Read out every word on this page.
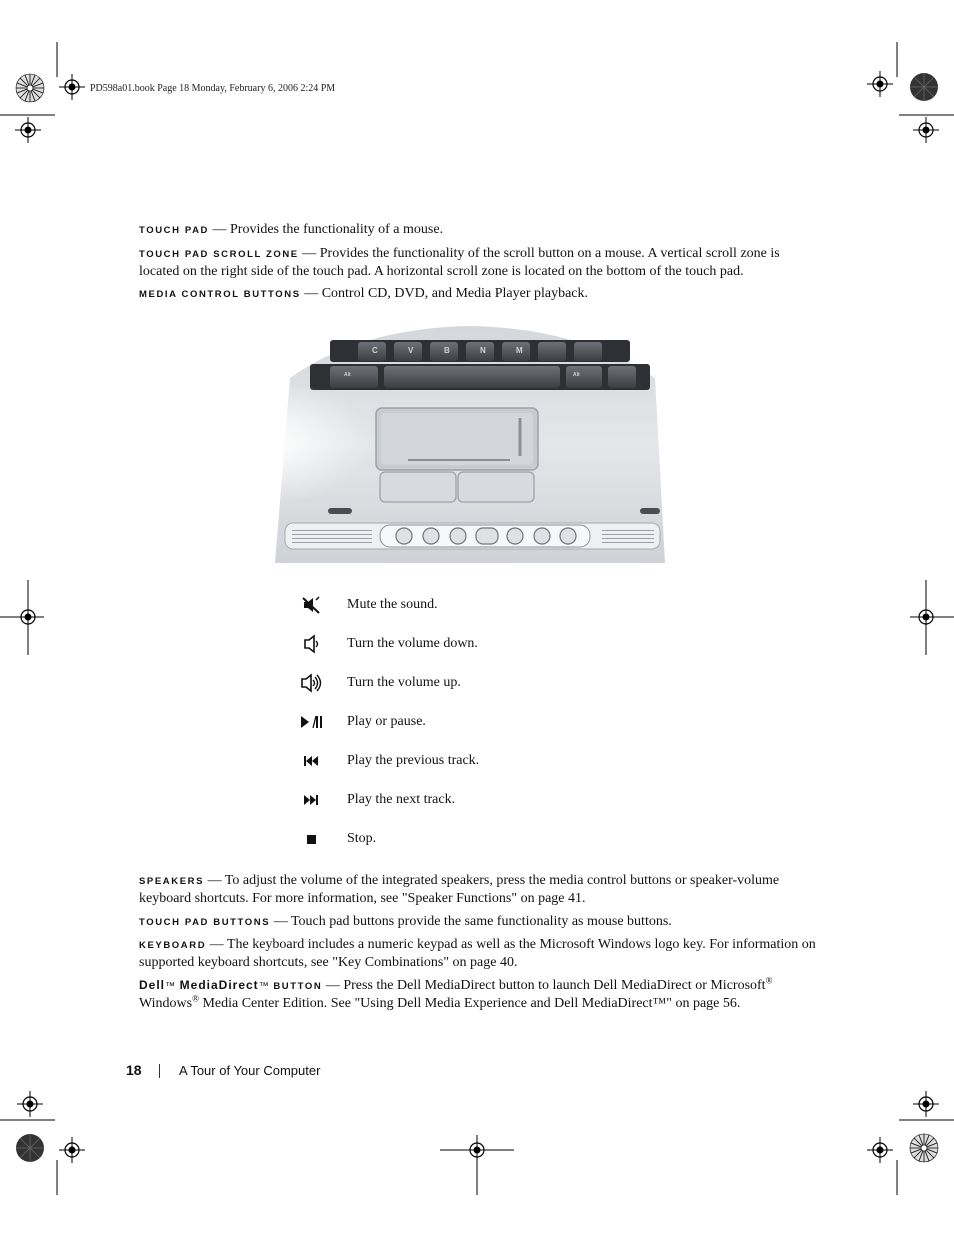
PD598a01.book Page 18 Monday, February 6, 2006 2:24 PM
TOUCH PAD — Provides the functionality of a mouse.
TOUCH PAD SCROLL ZONE — Provides the functionality of the scroll button on a mouse. A vertical scroll zone is located on the right side of the touch pad. A horizontal scroll zone is located on the bottom of the touch pad.
MEDIA CONTROL BUTTONS — Control CD, DVD, and Media Player playback.
Mute the sound.
Turn the volume down.
Turn the volume up.
Play or pause.
Play the previous track.
Play the next track.
Stop.
SPEAKERS — To adjust the volume of the integrated speakers, press the media control buttons or speaker-volume keyboard shortcuts. For more information, see "Speaker Functions" on page 41.
TOUCH PAD BUTTONS — Touch pad buttons provide the same functionality as mouse buttons.
KEYBOARD — The keyboard includes a numeric keypad as well as the Microsoft Windows logo key. For information on supported keyboard shortcuts, see "Key Combinations" on page 40.
Dell™ MediaDirect™ BUTTON — Press the Dell MediaDirect button to launch Dell MediaDirect or Microsoft® Windows® Media Center Edition. See "Using Dell Media Experience and Dell MediaDirect™" on page 56.
18	A Tour of Your Computer
